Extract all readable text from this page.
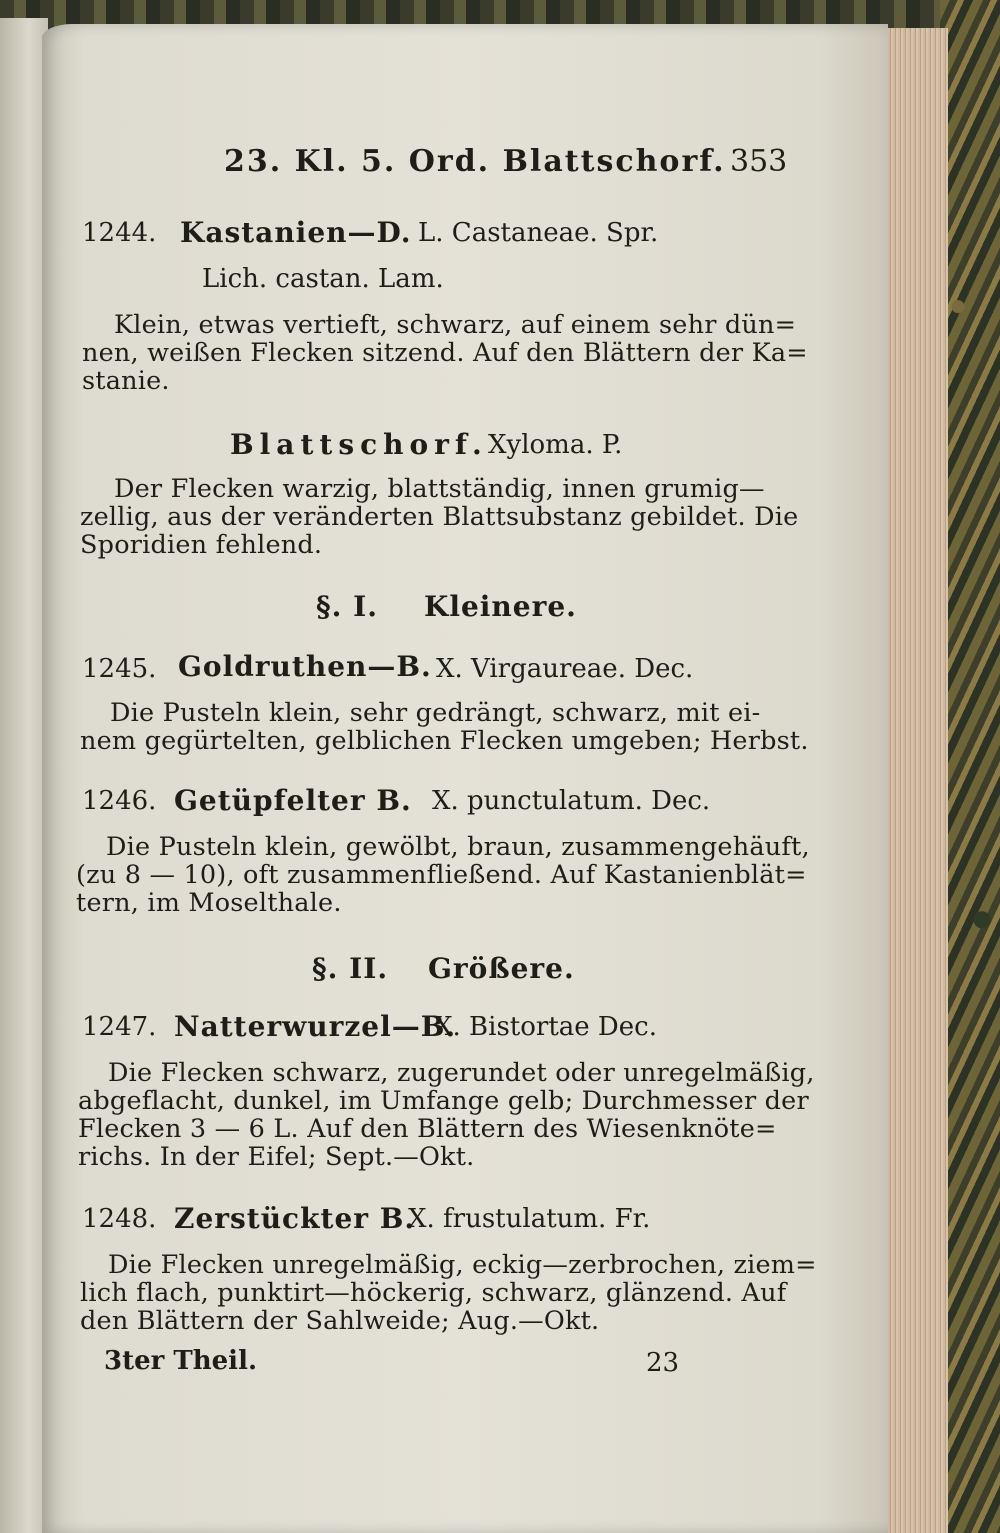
23. Kl. 5. Ord. Blattschorf. 353
1244. Kastanien—D. L. Castaneae. Spr.
Lich. castan. Lam.
Klein, etwas vertieft, schwarz, auf einem sehr dün=
nen, weißen Flecken sitzend. Auf den Blättern der Ka=
stanie.
Blattschorf. Xyloma. P.
Der Flecken warzig, blattständig, innen grumig—
zellig, aus der veränderten Blattsubstanz gebildet. Die
Sporidien fehlend.
§. I. Kleinere.
1245. Goldruthen—B. X. Virgaureae. Dec.
Die Pusteln klein, sehr gedrängt, schwarz, mit ei-
nem gegürtelten, gelblichen Flecken umgeben; Herbst.
1246. Getüpfelter B. X. punctulatum. Dec.
Die Pusteln klein, gewölbt, braun, zusammengehäuft,
(zu 8 — 10), oft zusammenfließend. Auf Kastanienblät=
tern, im Moselthale.
§. II. Größere.
1247. Natterwurzel—B.
X. Bistortae Dec.
Die Flecken schwarz, zugerundet oder unregelmäßig,
abgeflacht, dunkel, im Umfange gelb; Durchmesser der
Flecken 3 — 6 L. Auf den Blättern des Wiesenknöte=
richs. In der Eifel; Sept.—Okt.
1248. Zerstückter B.
X. frustulatum. Fr.
Die Flecken unregelmäßig, eckig—zerbrochen, ziem=
lich flach, punktirt—höckerig, schwarz, glänzend. Auf
den Blättern der Sahlweide; Aug.—Okt.
3ter Theil.	23
